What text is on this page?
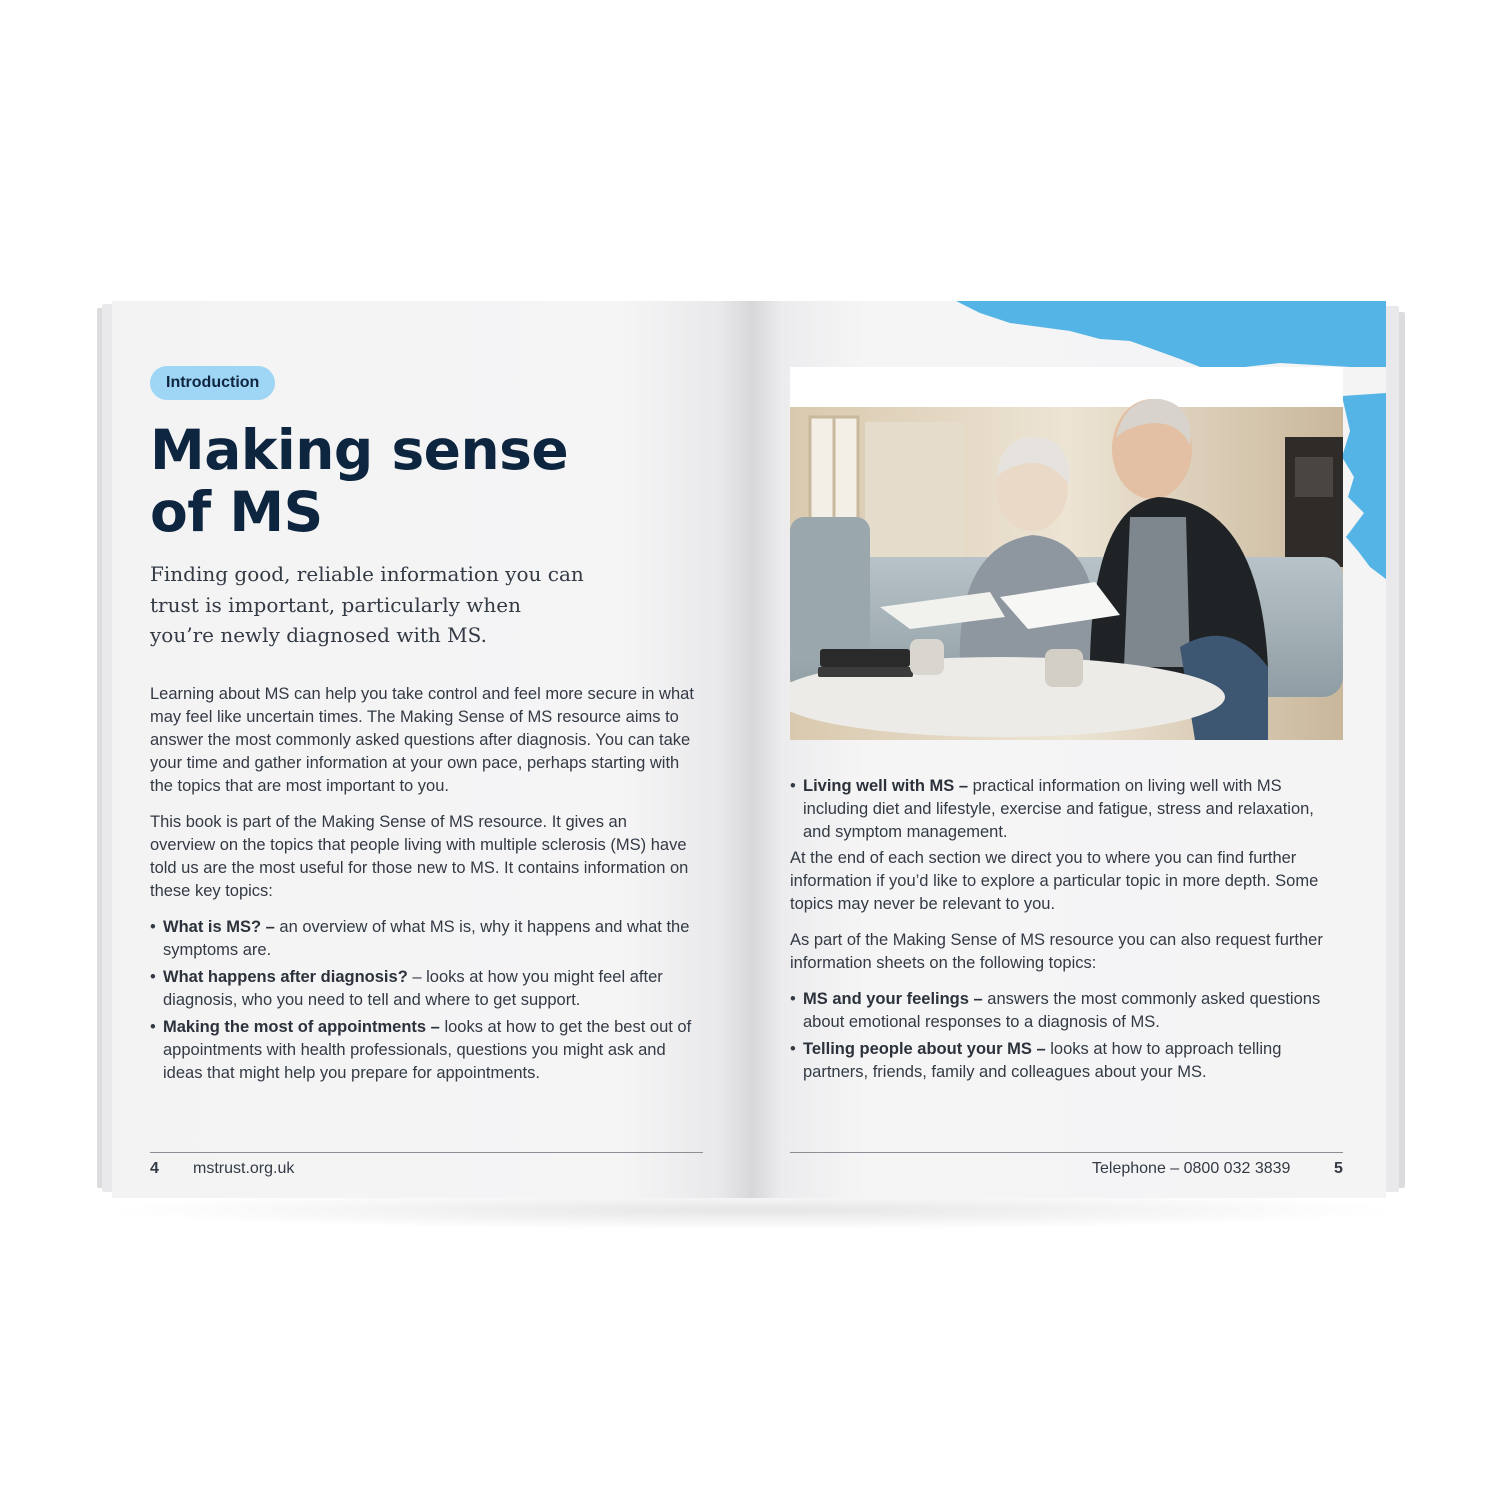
Introduction
Making sense
of MS

Finding good, reliable information you can trust is important, particularly when you’re newly diagnosed with MS.

Learning about MS can help you take control and feel more secure in what may feel like uncertain times. The Making Sense of MS resource aims to answer the most commonly asked questions after diagnosis. You can take your time and gather information at your own pace, perhaps starting with the topics that are most important to you.

This book is part of the Making Sense of MS resource. It gives an overview on the topics that people living with multiple sclerosis (MS) have told us are the most useful for those new to MS. It contains information on these key topics:

• What is MS? – an overview of what MS is, why it happens and what the symptoms are.
• What happens after diagnosis? – looks at how you might feel after diagnosis, who you need to tell and where to get support.
• Making the most of appointments – looks at how to get the best out of appointments with health professionals, questions you might ask and ideas that might help you prepare for appointments.
4 mstrust.org.uk
• Living well with MS – practical information on living well with MS including diet and lifestyle, exercise and fatigue, stress and relaxation, and symptom management.

At the end of each section we direct you to where you can find further information if you’d like to explore a particular topic in more depth. Some topics may never be relevant to you.

As part of the Making Sense of MS resource you can also request further information sheets on the following topics:

• MS and your feelings – answers the most commonly asked questions about emotional responses to a diagnosis of MS.
• Telling people about your MS – looks at how to approach telling partners, friends, family and colleagues about your MS.
Telephone – 0800 032 3839	5
